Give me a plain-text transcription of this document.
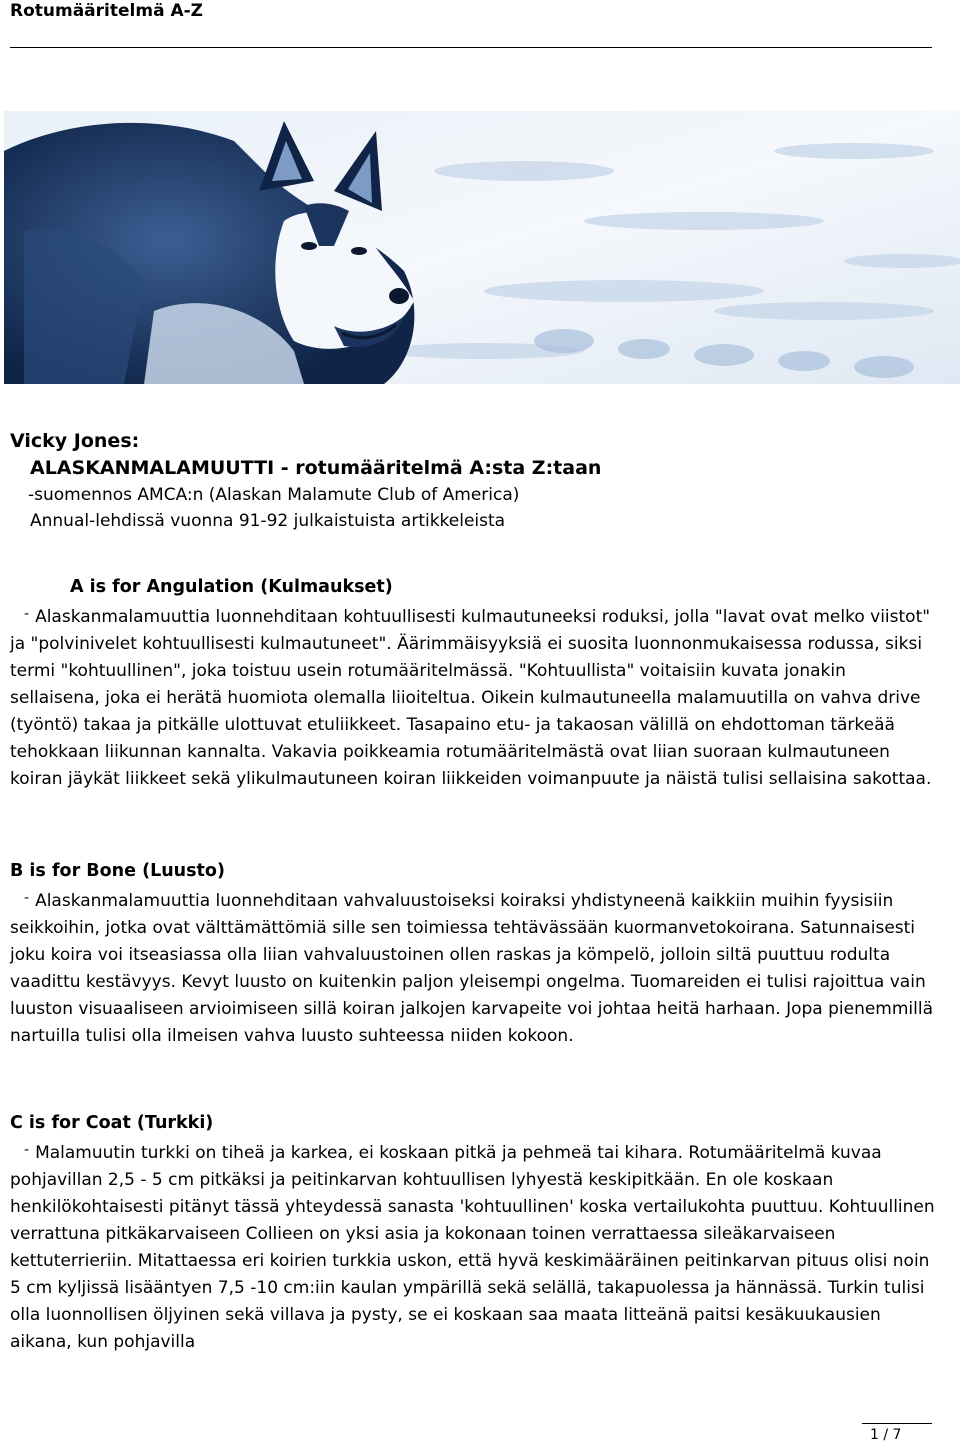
Rotumääritelmä A-Z
Vicky Jones:
ALASKANMALAMUUTTI - rotumääritelmä A:sta Z:taan
-suomennos AMCA:n (Alaskan Malamute Club of America)
Annual-lehdissä vuonna 91-92 julkaistuista artikkeleista
A is for Angulation (Kulmaukset)

- Alaskanmalamuuttia luonnehditaan kohtuullisesti kulmautuneeksi roduksi, jolla "lavat ovat melko viistot" ja "polvinivelet kohtuullisesti kulmautuneet". Äärimmäisyyksiä ei suosita luonnonmukaisessa rodussa, siksi termi "kohtuullinen", joka toistuu usein rotumääritelmässä. "Kohtuullista" voitaisiin kuvata jonakin sellaisena, joka ei herätä huomiota olemalla liioiteltua. Oikein kulmautuneella malamuutilla on vahva drive (työntö) takaa ja pitkälle ulottuvat etuliikkeet. Tasapaino etu- ja takaosan välillä on ehdottoman tärkeää tehokkaan liikunnan kannalta. Vakavia poikkeamia rotumääritelmästä ovat liian suoraan kulmautuneen koiran jäykät liikkeet sekä ylikulmautuneen koiran liikkeiden voimanpuute ja näistä tulisi sellaisina sakottaa.

B is for Bone (Luusto)

- Alaskanmalamuuttia luonnehditaan vahvaluustoiseksi koiraksi yhdistyneenä kaikkiin muihin fyysisiin seikkoihin, jotka ovat välttämättömiä sille sen toimiessa tehtävässään kuormanvetokoirana. Satunnaisesti joku koira voi itseasiassa olla liian vahvaluustoinen ollen raskas ja kömpelö, jolloin siltä puuttuu rodulta vaadittu kestävyys. Kevyt luusto on kuitenkin paljon yleisempi ongelma. Tuomareiden ei tulisi rajoittua vain luuston visuaaliseen arvioimiseen sillä koiran jalkojen karvapeite voi johtaa heitä harhaan. Jopa pienemmillä nartuilla tulisi olla ilmeisen vahva luusto suhteessa niiden kokoon.

C is for Coat (Turkki)

- Malamuutin turkki on tiheä ja karkea, ei koskaan pitkä ja pehmeä tai kihara. Rotumääritelmä kuvaa pohjavillan 2,5 - 5 cm pitkäksi ja peitinkarvan kohtuullisen lyhyestä keskipitkään. En ole koskaan henkilökohtaisesti pitänyt tässä yhteydessä sanasta 'kohtuullinen' koska vertailukohta puuttuu. Kohtuullinen verrattuna pitkäkarvaiseen Collieen on yksi asia ja kokonaan toinen verrattaessa sileäkarvaiseen kettuterrieriin. Mitattaessa eri koirien turkkia uskon, että hyvä keskimääräinen peitinkarvan pituus olisi noin 5 cm kyljissä lisääntyen 7,5 -10 cm:iin kaulan ympärillä sekä selällä, takapuolessa ja hännässä. Turkin tulisi olla luonnollisen öljyinen sekä villava ja pysty, se ei koskaan saa maata litteänä paitsi kesäkuukausien aikana, kun pohjavilla

1 / 7
